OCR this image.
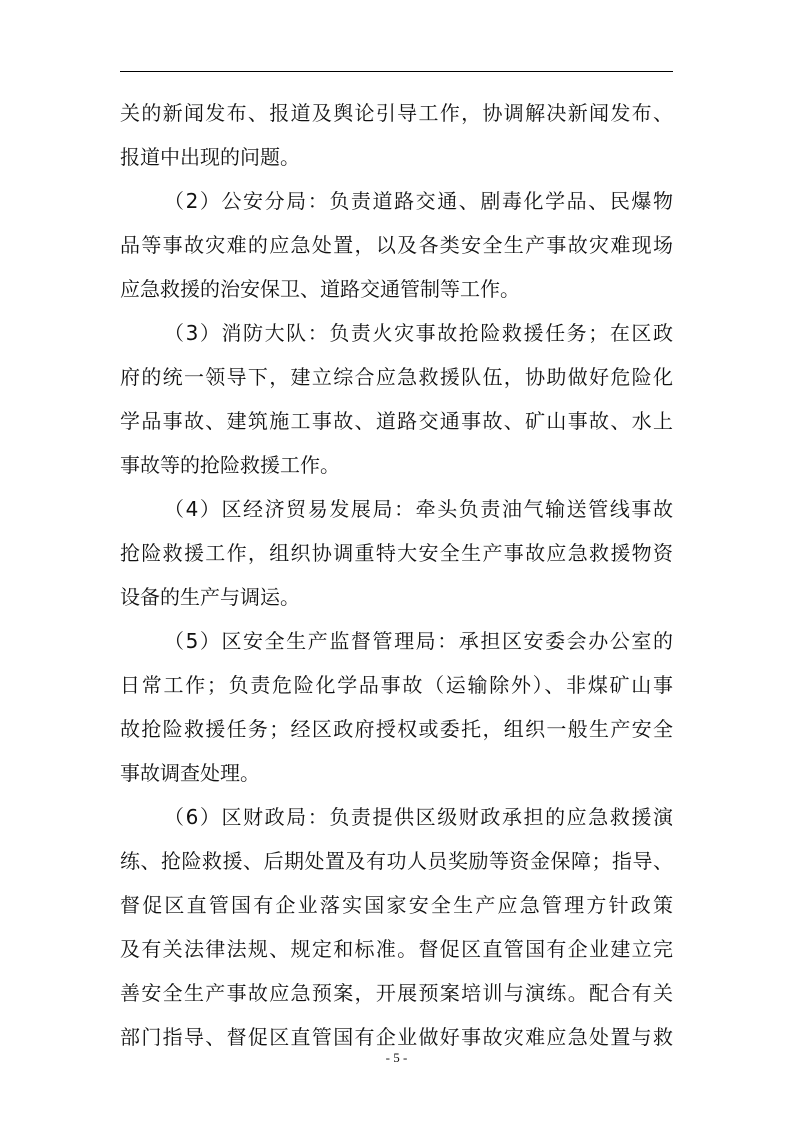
关的新闻发布、报道及舆论引导工作，协调解决新闻发布、
报道中出现的问题。
（2）公安分局：负责道路交通、剧毒化学品、民爆物
品等事故灾难的应急处置，以及各类安全生产事故灾难现场
应急救援的治安保卫、道路交通管制等工作。
（3）消防大队：负责火灾事故抢险救援任务；在区政
府的统一领导下，建立综合应急救援队伍，协助做好危险化
学品事故、建筑施工事故、道路交通事故、矿山事故、水上
事故等的抢险救援工作。
（4）区经济贸易发展局：牵头负责油气输送管线事故
抢险救援工作，组织协调重特大安全生产事故应急救援物资
设备的生产与调运。
（5）区安全生产监督管理局：承担区安委会办公室的
日常工作；负责危险化学品事故（运输除外）、非煤矿山事
故抢险救援任务；经区政府授权或委托，组织一般生产安全
事故调查处理。
（6）区财政局：负责提供区级财政承担的应急救援演
练、抢险救援、后期处置及有功人员奖励等资金保障；指导、
督促区直管国有企业落实国家安全生产应急管理方针政策
及有关法律法规、规定和标准。督促区直管国有企业建立完
善安全生产事故应急预案，开展预案培训与演练。配合有关
部门指导、督促区直管国有企业做好事故灾难应急处置与救
- 5 -
